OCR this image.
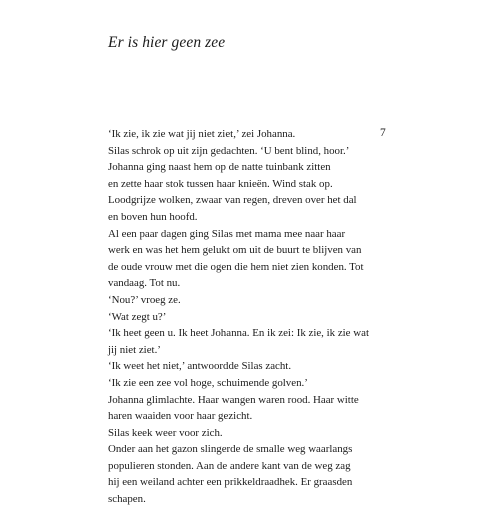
Er is hier geen zee
7
‘Ik zie, ik zie wat jij niet ziet,’ zei Johanna.
Silas schrok op uit zijn gedachten. ‘U bent blind, hoor.’
Johanna ging naast hem op de natte tuinbank zitten
en zette haar stok tussen haar knieën. Wind stak op.
Loodgrijze wolken, zwaar van regen, dreven over het dal
en boven hun hoofd.
Al een paar dagen ging Silas met mama mee naar haar
werk en was het hem gelukt om uit de buurt te blijven van
de oude vrouw met die ogen die hem niet zien konden. Tot
vandaag. Tot nu.
‘Nou?’ vroeg ze.
‘Wat zegt u?’
‘Ik heet geen u. Ik heet Johanna. En ik zei: Ik zie, ik zie wat
jij niet ziet.’
‘Ik weet het niet,’ antwoordde Silas zacht.
‘Ik zie een zee vol hoge, schuimende golven.’
Johanna glimlachte. Haar wangen waren rood. Haar witte
haren waaiden voor haar gezicht.
Silas keek weer voor zich.
Onder aan het gazon slingerde de smalle weg waarlangs
populieren stonden. Aan de andere kant van de weg zag
hij een weiland achter een prikkeldraadhek. Er graasden
schapen.
